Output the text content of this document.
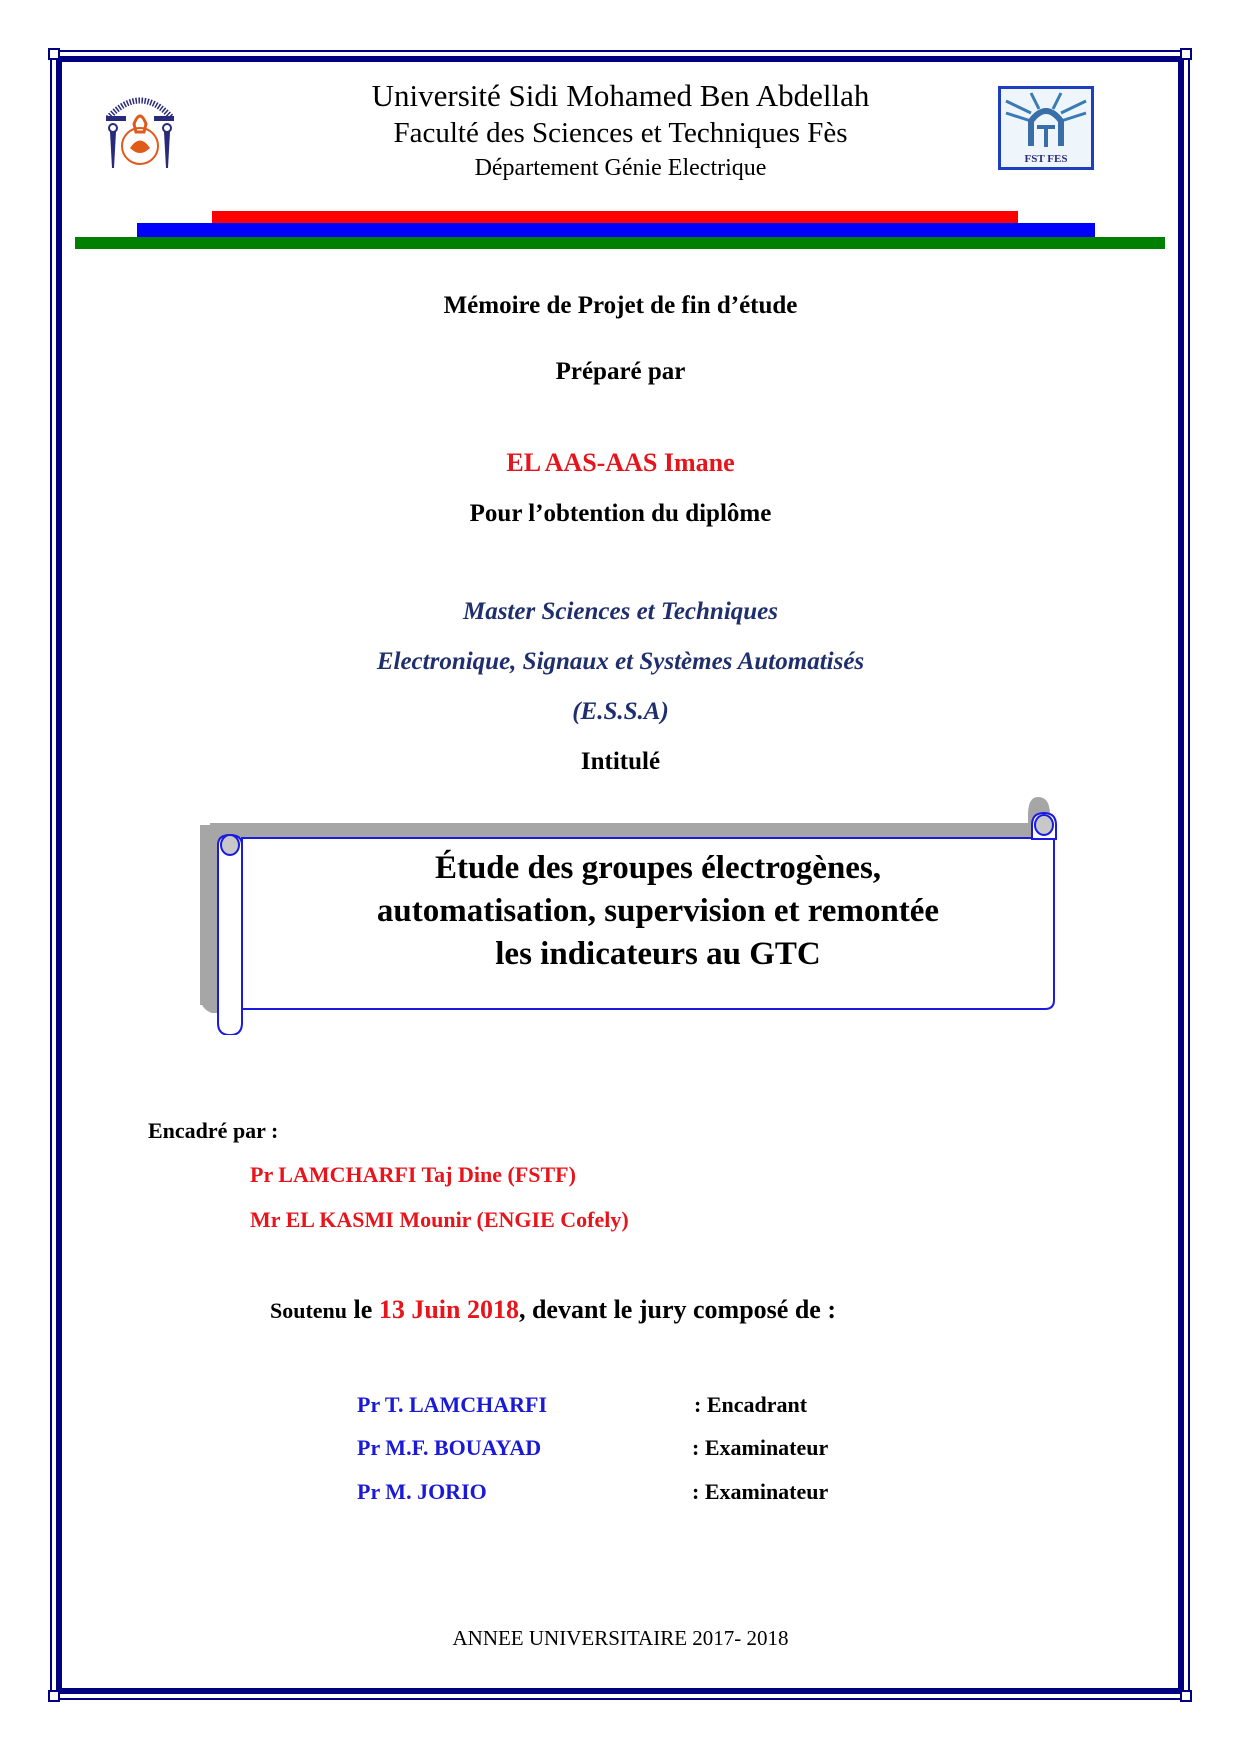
Université Sidi Mohamed Ben Abdellah
Faculté des Sciences et Techniques Fès
Département Génie Electrique	FST FES
Mémoire de Projet de fin d’étude
Préparé par
EL AAS-AAS Imane
Pour l’obtention du diplôme
Master Sciences et Techniques
Electronique, Signaux et Systèmes Automatisés
(E.S.S.A)
Intitulé
Étude des groupes électrogènes,
automatisation, supervision et remontée
les indicateurs au GTC
Encadré par :
Pr LAMCHARFI Taj Dine (FSTF)
Mr EL KASMI Mounir (ENGIE Cofely)
Soutenu le 13 Juin 2018, devant le jury composé de :
Pr T. LAMCHARFI	: Encadrant
Pr M.F. BOUAYAD	: Examinateur
Pr M. JORIO	: Examinateur
ANNEE UNIVERSITAIRE 2017- 2018
